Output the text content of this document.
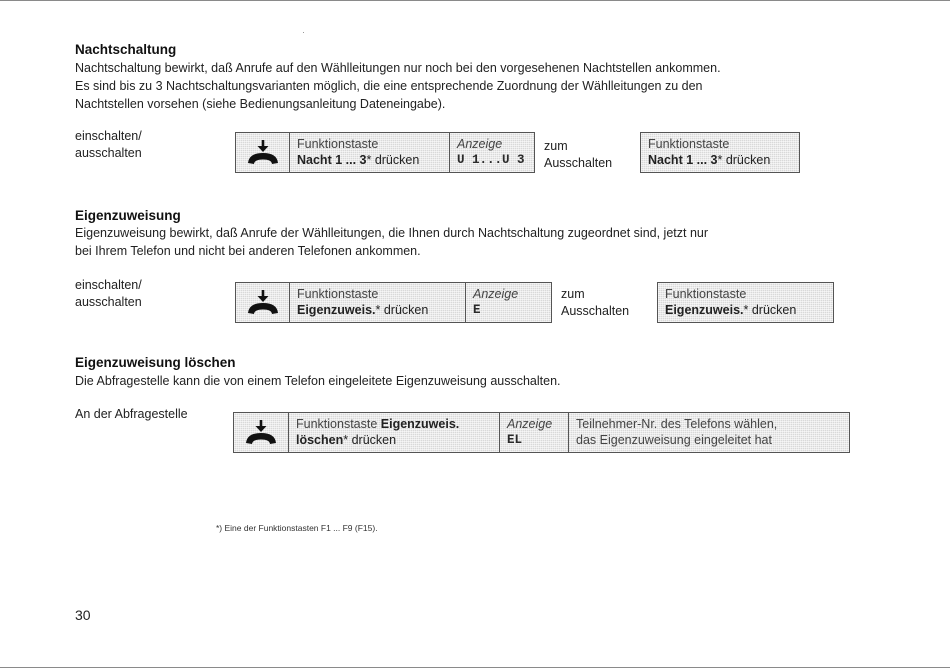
Nachtschaltung
Nachtschaltung bewirkt, daß Anrufe auf den Wählleitungen nur noch bei den vorgesehenen Nachtstellen ankommen.
Es sind bis zu 3 Nachtschaltungsvarianten möglich, die eine entsprechende Zuordnung der Wählleitungen zu den
Nachtstellen vorsehen (siehe Bedienungsanleitung Dateneingabe).
einschalten/
ausschalten
Funktionstaste
Nacht 1 ... 3* drücken
Anzeige
U 1...U 3
zum
Ausschalten
Funktionstaste
Nacht 1 ... 3* drücken
Eigenzuweisung
Eigenzuweisung bewirkt, daß Anrufe der Wählleitungen, die Ihnen durch Nachtschaltung zugeordnet sind, jetzt nur
bei Ihrem Telefon und nicht bei anderen Telefonen ankommen.
einschalten/
ausschalten
Funktionstaste
Eigenzuweis.* drücken
Anzeige
E
zum
Ausschalten
Funktionstaste
Eigenzuweis.* drücken
Eigenzuweisung löschen
Die Abfragestelle kann die von einem Telefon eingeleitete Eigenzuweisung ausschalten.
An der Abfragestelle
Funktionstaste Eigenzuweis.
löschen* drücken
Anzeige
EL
Teilnehmer-Nr. des Telefons wählen,
das Eigenzuweisung eingeleitet hat
*) Eine der Funktionstasten F1 ... F9 (F15).
30
